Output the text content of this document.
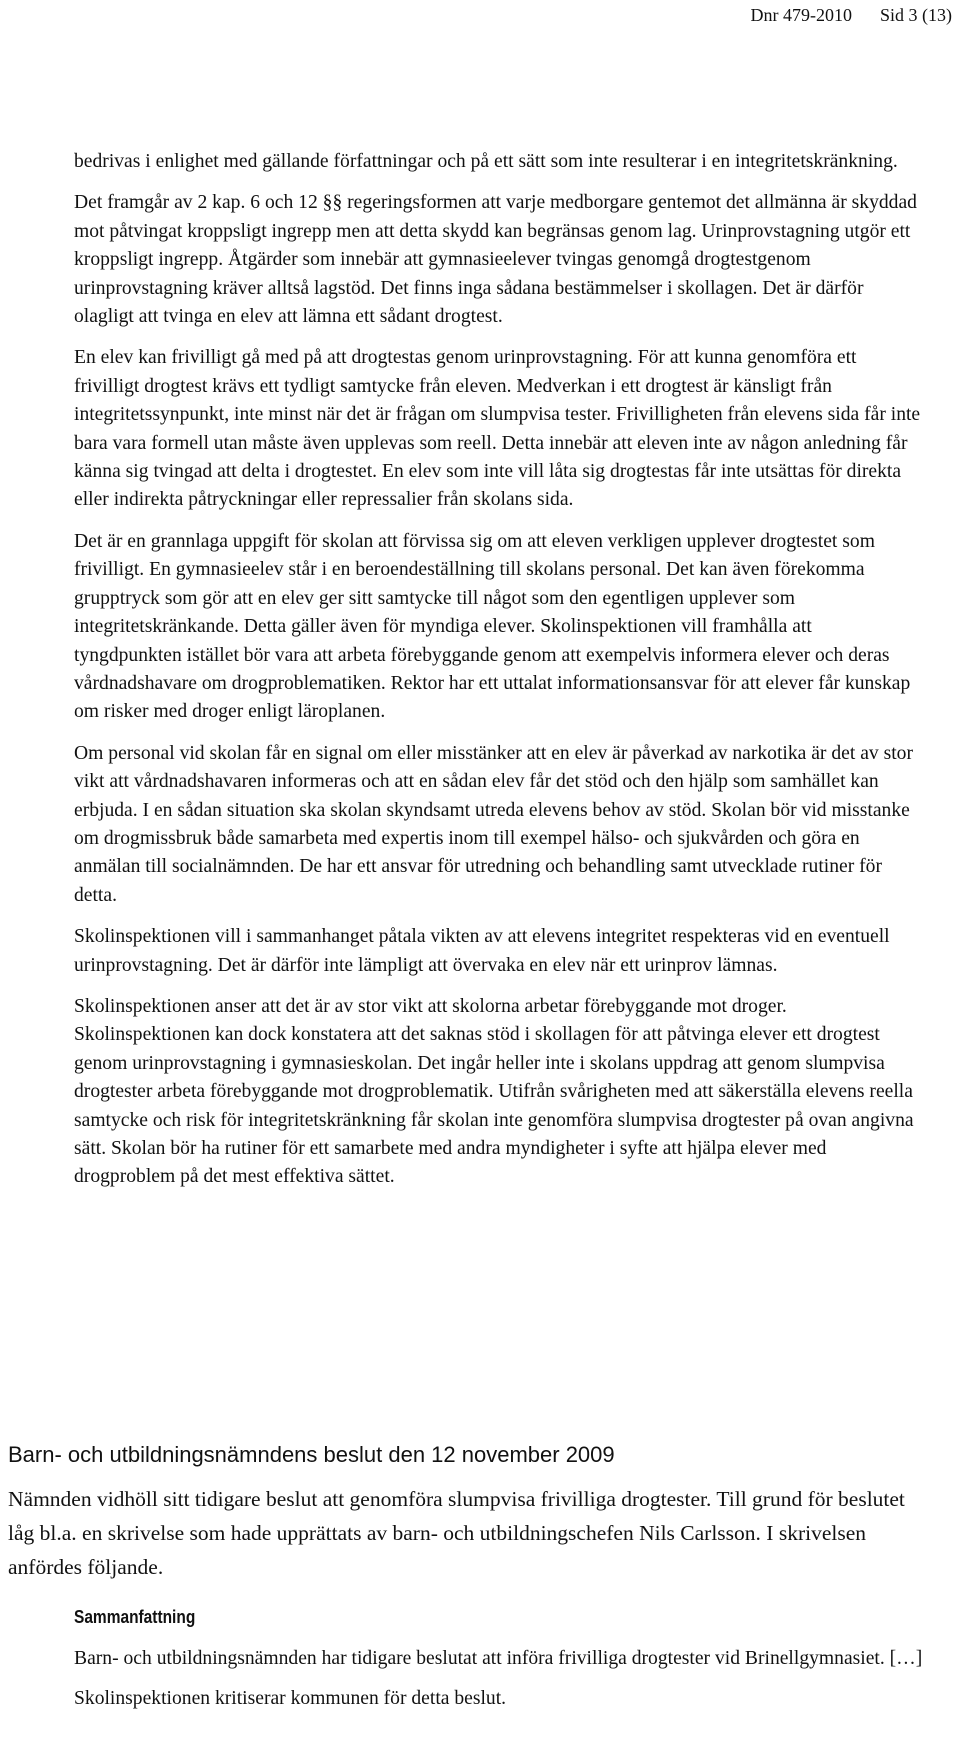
Dnr 479-2010 Sid 3 (13)

bedrivas i enlighet med gällande författningar och på ett sätt som inte resulterar i en integritetskränkning.

Det framgår av 2 kap. 6 och 12 §§ regeringsformen att varje medborgare gentemot det allmänna är skyddad mot påtvingat kroppsligt ingrepp men att detta skydd kan begränsas genom lag. Urinprovstagning utgör ett kroppsligt ingrepp. Åtgärder som innebär att gymnasieelever tvingas genomgå drogtestgenom urinprovstagning kräver alltså lagstöd. Det finns inga sådana bestämmelser i skollagen. Det är därför olagligt att tvinga en elev att lämna ett sådant drogtest.

En elev kan frivilligt gå med på att drogtestas genom urinprovstagning. För att kunna genomföra ett frivilligt drogtest krävs ett tydligt samtycke från eleven. Medverkan i ett drogtest är känsligt från integritetssynpunkt, inte minst när det är frågan om slumpvisa tester. Frivilligheten från elevens sida får inte bara vara formell utan måste även upplevas som reell. Detta innebär att eleven inte av någon anledning får känna sig tvingad att delta i drogtestet. En elev som inte vill låta sig drogtestas får inte utsättas för direkta eller indirekta påtryckningar eller repressalier från skolans sida.

Det är en grannlaga uppgift för skolan att förvissa sig om att eleven verkligen upplever drogtestet som frivilligt. En gymnasieelev står i en beroendeställning till skolans personal. Det kan även förekomma grupptryck som gör att en elev ger sitt samtycke till något som den egentligen upplever som integritetskränkande. Detta gäller även för myndiga elever. Skolinspektionen vill framhålla att tyngdpunkten istället bör vara att arbeta förebyggande genom att exempelvis informera elever och deras vårdnadshavare om drogproblematiken. Rektor har ett uttalat informationsansvar för att elever får kunskap om risker med droger enligt läroplanen.

Om personal vid skolan får en signal om eller misstänker att en elev är påverkad av narkotika är det av stor vikt att vårdnadshavaren informeras och att en sådan elev får det stöd och den hjälp som samhället kan erbjuda. I en sådan situation ska skolan skyndsamt utreda elevens behov av stöd. Skolan bör vid misstanke om drogmissbruk både samarbeta med expertis inom till exempel hälso- och sjukvården och göra en anmälan till socialnämnden. De har ett ansvar för utredning och behandling samt utvecklade rutiner för detta.

Skolinspektionen vill i sammanhanget påtala vikten av att elevens integritet respekteras vid en eventuell urinprovstagning. Det är därför inte lämpligt att övervaka en elev när ett urinprov lämnas.

Skolinspektionen anser att det är av stor vikt att skolorna arbetar förebyggande mot droger. Skolinspektionen kan dock konstatera att det saknas stöd i skollagen för att påtvinga elever ett drogtest genom urinprovstagning i gymnasieskolan. Det ingår heller inte i skolans uppdrag att genom slumpvisa drogtester arbeta förebyggande mot drogproblematik. Utifrån svårigheten med att säkerställa elevens reella samtycke och risk för integritetskränkning får skolan inte genomföra slumpvisa drogtester på ovan angivna sätt. Skolan bör ha rutiner för ett samarbete med andra myndigheter i syfte att hjälpa elever med drogproblem på det mest effektiva sättet.

Barn- och utbildningsnämndens beslut den 12 november 2009

Nämnden vidhöll sitt tidigare beslut att genomföra slumpvisa frivilliga drogtester. Till grund för beslutet låg bl.a. en skrivelse som hade upprättats av barn- och utbildningschefen Nils Carlsson. I skrivelsen anfördes följande.

Sammanfattning

Barn- och utbildningsnämnden har tidigare beslutat att införa frivilliga drogtester vid Brinellgymnasiet. […]

Skolinspektionen kritiserar kommunen för detta beslut.
